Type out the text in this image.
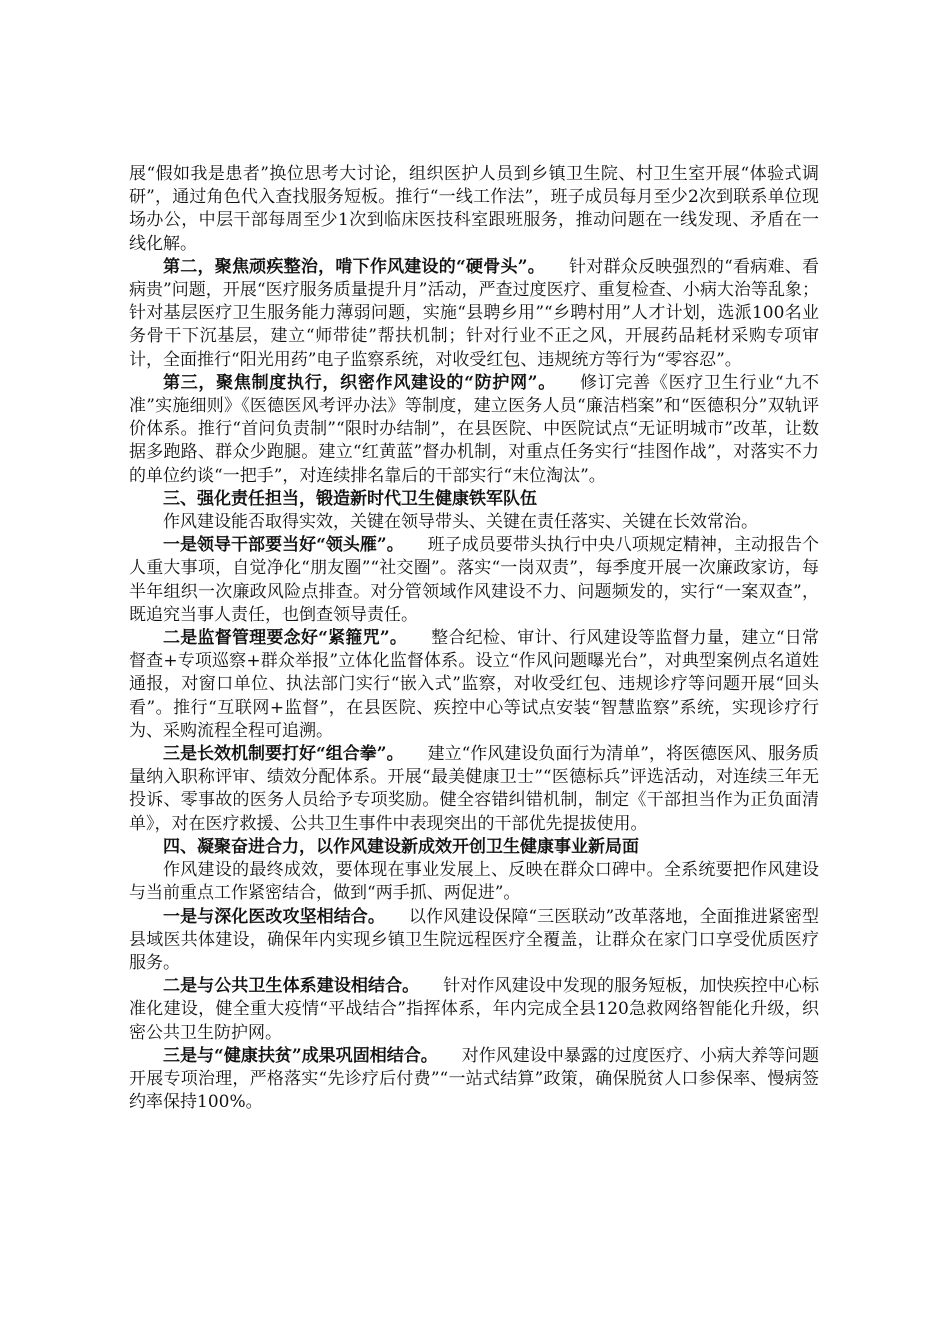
展“假如我是患者”换位思考大讨论，组织医护人员到乡镇卫生院、村卫生室开展“体验式调研”，通过角色代入查找服务短板。推行“一线工作法”，班子成员每月至少2次到联系单位现场办公，中层干部每周至少1次到临床医技科室跟班服务，推动问题在一线发现、矛盾在一线化解。

第二，聚焦顽疾整治，啃下作风建设的“硬骨头”。 针对群众反映强烈的“看病难、看病贵”问题，开展“医疗服务质量提升月”活动，严查过度医疗、重复检查、小病大治等乱象；针对基层医疗卫生服务能力薄弱问题，实施“县聘乡用”“乡聘村用”人才计划，选派100名业务骨干下沉基层，建立“师带徒”帮扶机制；针对行业不正之风，开展药品耗材采购专项审计，全面推行“阳光用药”电子监察系统，对收受红包、违规统方等行为“零容忍”。

第三，聚焦制度执行，织密作风建设的“防护网”。 修订完善《医疗卫生行业“九不准”实施细则》《医德医风考评办法》等制度，建立医务人员“廉洁档案”和“医德积分”双轨评价体系。推行“首问负责制”“限时办结制”，在县医院、中医院试点“无证明城市”改革，让数据多跑路、群众少跑腿。建立“红黄蓝”督办机制，对重点任务实行“挂图作战”，对落实不力的单位约谈“一把手”，对连续排名靠后的干部实行“末位淘汰”。

三、强化责任担当，锻造新时代卫生健康铁军队伍

作风建设能否取得实效，关键在领导带头、关键在责任落实、关键在长效常治。

一是领导干部要当好“领头雁”。 班子成员要带头执行中央八项规定精神，主动报告个人重大事项，自觉净化“朋友圈”“社交圈”。落实“一岗双责”，每季度开展一次廉政家访，每半年组织一次廉政风险点排查。对分管领域作风建设不力、问题频发的，实行“一案双查”，既追究当事人责任，也倒查领导责任。

二是监督管理要念好“紧箍咒”。 整合纪检、审计、行风建设等监督力量，建立“日常督查+专项巡察+群众举报”立体化监督体系。设立“作风问题曝光台”，对典型案例点名道姓通报，对窗口单位、执法部门实行“嵌入式”监察，对收受红包、违规诊疗等问题开展“回头看”。推行“互联网+监督”，在县医院、疾控中心等试点安装“智慧监察”系统，实现诊疗行为、采购流程全程可追溯。

三是长效机制要打好“组合拳”。 建立“作风建设负面行为清单”，将医德医风、服务质量纳入职称评审、绩效分配体系。开展“最美健康卫士”“医德标兵”评选活动，对连续三年无投诉、零事故的医务人员给予专项奖励。健全容错纠错机制，制定《干部担当作为正负面清单》，对在医疗救援、公共卫生事件中表现突出的干部优先提拔使用。

四、凝聚奋进合力，以作风建设新成效开创卫生健康事业新局面

作风建设的最终成效，要体现在事业发展上、反映在群众口碑中。全系统要把作风建设与当前重点工作紧密结合，做到“两手抓、两促进”。

一是与深化医改攻坚相结合。 以作风建设保障“三医联动”改革落地，全面推进紧密型县域医共体建设，确保年内实现乡镇卫生院远程医疗全覆盖，让群众在家门口享受优质医疗服务。

二是与公共卫生体系建设相结合。 针对作风建设中发现的服务短板，加快疾控中心标准化建设，健全重大疫情“平战结合”指挥体系，年内完成全县120急救网络智能化升级，织密公共卫生防护网。

三是与“健康扶贫”成果巩固相结合。 对作风建设中暴露的过度医疗、小病大养等问题开展专项治理，严格落实“先诊疗后付费”“一站式结算”政策，确保脱贫人口参保率、慢病签约率保持100%。
